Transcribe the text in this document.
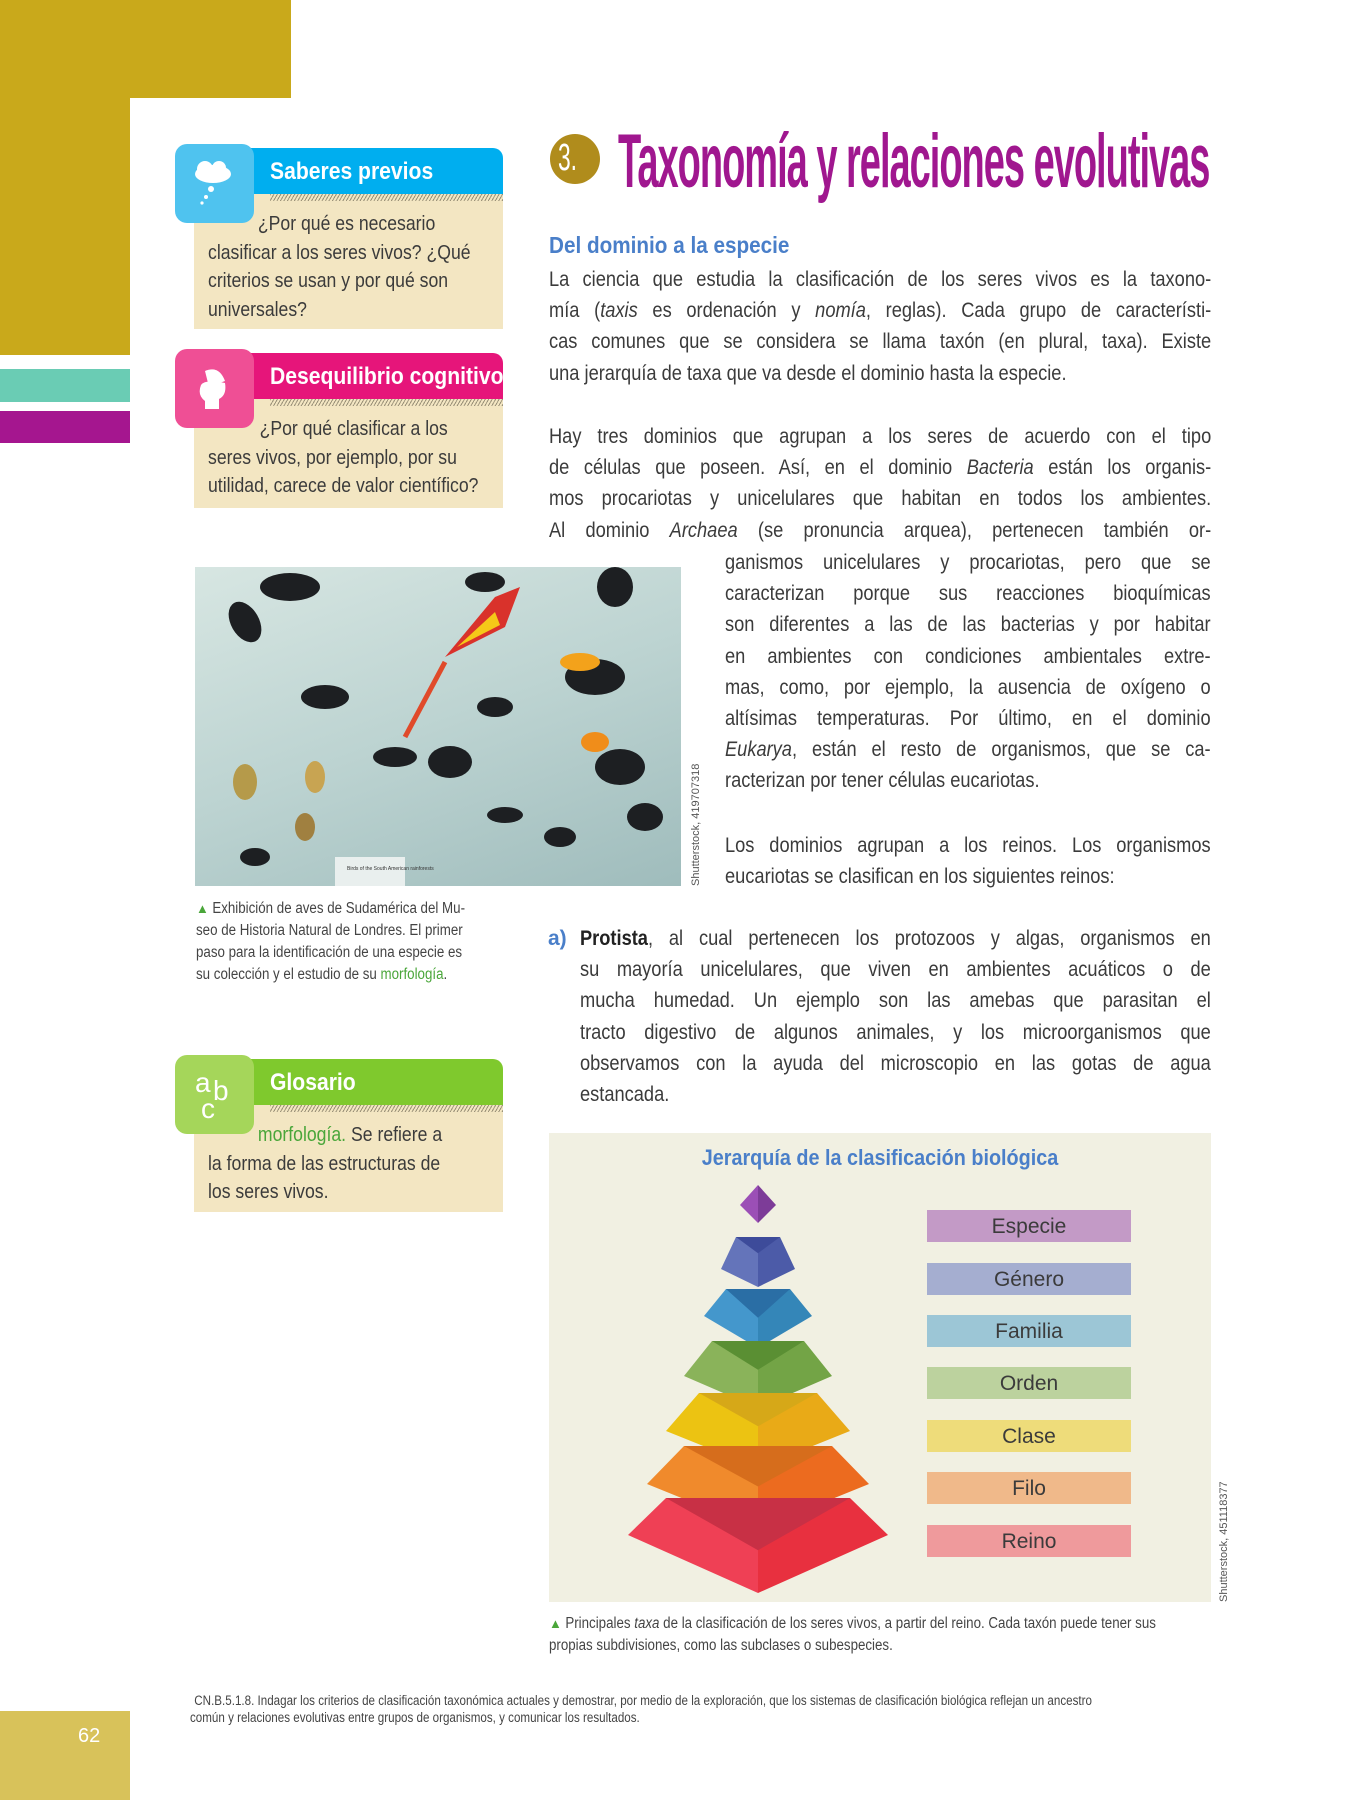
62
3. Taxonomía y relaciones evolutivas
Saberes previos
¿Por qué es necesario
clasificar a los seres vivos? ¿Qué
criterios se usan y por qué son
universales?
Desequilibrio cognitivo
¿Por qué clasificar a los
seres vivos, por ejemplo, por su
utilidad, carece de valor científico?
Birds of the South American rainforests	Shutterstock, 419707318
▲ Exhibición de aves de Sudamérica del Mu-
seo de Historia Natural de Londres. El primer
paso para la identificación de una especie es
su colección y el estudio de su morfología.
Glosario
a b
c
morfología. Se refiere a
la forma de las estructuras de
los seres vivos.
Del dominio a la especie
La ciencia que estudia la clasificación de los seres vivos es la taxono-
mía (taxis es ordenación y nomía, reglas). Cada grupo de característi-
cas comunes que se considera se llama taxón (en plural, taxa). Existe
una jerarquía de taxa que va desde el dominio hasta la especie.
Hay tres dominios que agrupan a los seres de acuerdo con el tipo
de células que poseen. Así, en el dominio Bacteria están los organis-
mos procariotas y unicelulares que habitan en todos los ambientes.
Al dominio Archaea (se pronuncia arquea), pertenecen también or-
ganismos unicelulares y procariotas, pero que se
caracterizan porque sus reacciones bioquímicas
son diferentes a las de las bacterias y por habitar
en ambientes con condiciones ambientales extre-
mas, como, por ejemplo, la ausencia de oxígeno o
altísimas temperaturas. Por último, en el dominio
Eukarya, están el resto de organismos, que se ca-
racterizan por tener células eucariotas.
Los dominios agrupan a los reinos. Los organismos
eucariotas se clasifican en los siguientes reinos:
a) Protista, al cual pertenecen los protozoos y algas, organismos en
su mayoría unicelulares, que viven en ambientes acuáticos o de
mucha humedad. Un ejemplo son las amebas que parasitan el
tracto digestivo de algunos animales, y los microorganismos que
observamos con la ayuda del microscopio en las gotas de agua
estancada.
Jerarquía de la clasificación biológica
Especie
Género
Familia
Orden
Clase
Filo
Reino	Shutterstock, 451118377
▲ Principales taxa de la clasificación de los seres vivos, a partir del reino. Cada taxón puede tener sus
propias subdivisiones, como las subclases o subespecies.
CN.B.5.1.8. Indagar los criterios de clasificación taxonómica actuales y demostrar, por medio de la exploración, que los sistemas de clasificación biológica reflejan un ancestro
común y relaciones evolutivas entre grupos de organismos, y comunicar los resultados.
